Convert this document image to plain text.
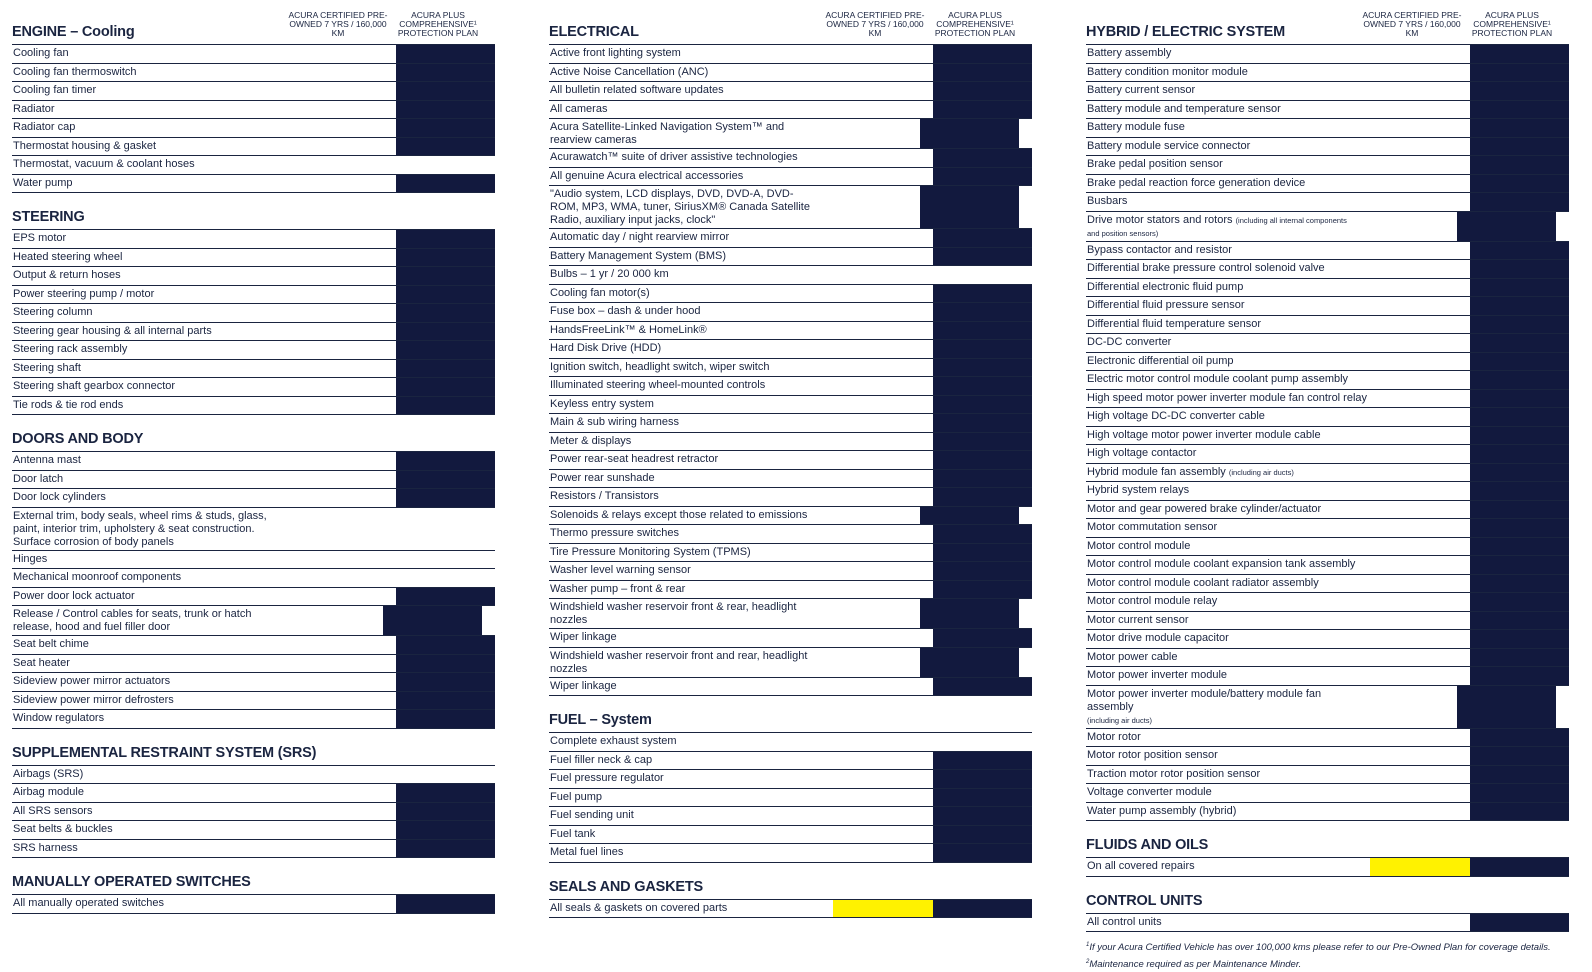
ENGINE – Cooling
ACURA CERTIFIED PRE-OWNED 7 YRS / 160,000 KM
ACURA PLUS COMPREHENSIVE¹ PROTECTION PLAN
Cooling fan
Cooling fan thermoswitch
Cooling fan timer
Radiator
Radiator cap
Thermostat housing & gasket
Thermostat, vacuum & coolant hoses
Water pump
STEERING
EPS motor
Heated steering wheel
Output & return hoses
Power steering pump / motor
Steering column
Steering gear housing & all internal parts
Steering rack assembly
Steering shaft
Steering shaft gearbox connector
Tie rods & tie rod ends
DOORS AND BODY
Antenna mast
Door latch
Door lock cylinders
External trim, body seals, wheel rims & studs, glass, paint, interior trim, upholstery & seat construction. Surface corrosion of body panels
Hinges
Mechanical moonroof components
Power door lock actuator
Release / Control cables for seats, trunk or hatch release, hood and fuel filler door
Seat belt chime
Seat heater
Sideview power mirror actuators
Sideview power mirror defrosters
Window regulators
SUPPLEMENTAL RESTRAINT SYSTEM (SRS)
Airbags (SRS)
Airbag module
All SRS sensors
Seat belts & buckles
SRS harness
MANUALLY OPERATED SWITCHES
All manually operated switches
ELECTRICAL
ACURA CERTIFIED PRE-OWNED 7 YRS / 160,000 KM
ACURA PLUS COMPREHENSIVE¹ PROTECTION PLAN
Active front lighting system
Active Noise Cancellation (ANC)
All bulletin related software updates
All cameras
Acura Satellite-Linked Navigation System™ and rearview cameras
Acurawatch™ suite of driver assistive technologies
All genuine Acura electrical accessories
"Audio system, LCD displays, DVD, DVD-A, DVD-ROM, MP3, WMA, tuner, SiriusXM® Canada Satellite Radio, auxiliary input jacks, clock"
Automatic day / night rearview mirror
Battery Management System (BMS)
Bulbs – 1 yr / 20 000 km
Cooling fan motor(s)
Fuse box – dash & under hood
HandsFreeLink™ & HomeLink®
Hard Disk Drive (HDD)
Ignition switch, headlight switch, wiper switch
Illuminated steering wheel-mounted controls
Keyless entry system
Main & sub wiring harness
Meter & displays
Power rear-seat headrest retractor
Power rear sunshade
Resistors / Transistors
Solenoids & relays except those related to emissions
Thermo pressure switches
Tire Pressure Monitoring System (TPMS)
Washer level warning sensor
Washer pump – front & rear
Windshield washer reservoir front & rear, headlight nozzles
Wiper linkage
Windshield washer reservoir front and rear, headlight nozzles
Wiper linkage
FUEL – System
Complete exhaust system
Fuel filler neck & cap
Fuel pressure regulator
Fuel pump
Fuel sending unit
Fuel tank
Metal fuel lines
SEALS AND GASKETS
All seals & gaskets on covered parts
HYBRID / ELECTRIC SYSTEM
ACURA CERTIFIED PRE-OWNED 7 YRS / 160,000 KM
ACURA PLUS COMPREHENSIVE¹ PROTECTION PLAN
Battery assembly
Battery condition monitor module
Battery current sensor
Battery module and temperature sensor
Battery module fuse
Battery module service connector
Brake pedal position sensor
Brake pedal reaction force generation device
Busbars
Drive motor stators and rotors (including all internal components and position sensors)
Bypass contactor and resistor
Differential brake pressure control solenoid valve
Differential electronic fluid pump
Differential fluid pressure sensor
Differential fluid temperature sensor
DC-DC converter
Electronic differential oil pump
Electric motor control module coolant pump assembly
High speed motor power inverter module fan control relay
High voltage DC-DC converter cable
High voltage motor power inverter module cable
High voltage contactor
Hybrid module fan assembly (including air ducts)
Hybrid system relays
Motor and gear powered brake cylinder/actuator
Motor commutation sensor
Motor control module
Motor control module coolant expansion tank assembly
Motor control module coolant radiator assembly
Motor control module relay
Motor current sensor
Motor drive module capacitor
Motor power cable
Motor power inverter module
Motor power inverter module/battery module fan assembly
(including air ducts)
Motor rotor
Motor rotor position sensor
Traction motor rotor position sensor
Voltage converter module
Water pump assembly (hybrid)
FLUIDS AND OILS
On all covered repairs
CONTROL UNITS
All control units
$^1$If your Acura Certified Vehicle has over 100,000 kms please refer to our Pre-Owned Plan for coverage details.
$^2$Maintenance required as per Maintenance Minder.
